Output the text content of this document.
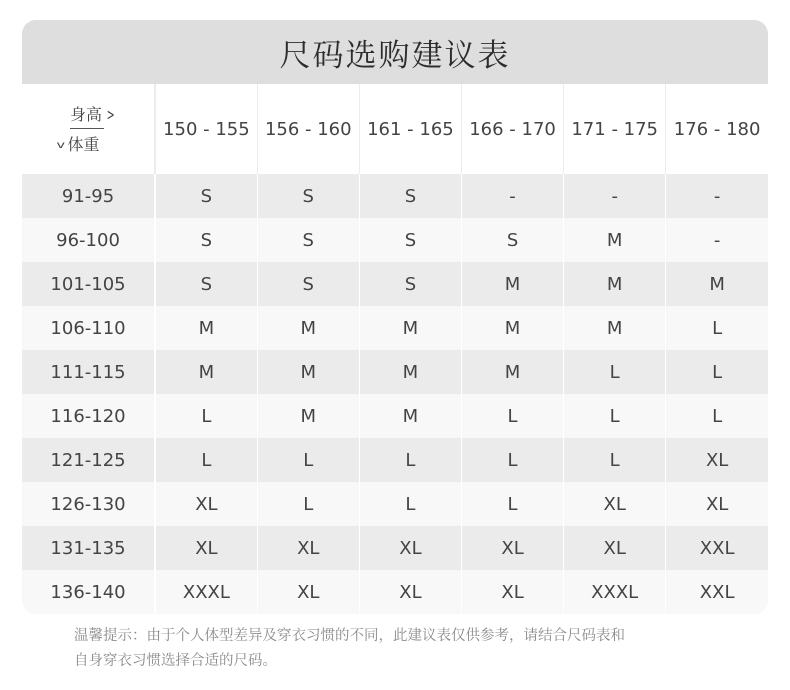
尺码选购建议表
身高 >
v 体重	150 - 155	156 - 160	161 - 165	166 - 170	171 - 175	176 - 180
91-95	S	S	S	-	-	-
96-100	S	S	S	S	M	-
101-105	S	S	S	M	M	M
106-110	M	M	M	M	M	L
111-115	M	M	M	M	L	L
116-120	L	M	M	L	L	L
121-125	L	L	L	L	L	XL
126-130	XL	L	L	L	XL	XL
131-135	XL	XL	XL	XL	XL	XXL
136-140	XXXL	XL	XL	XL	XXXL	XXL
温馨提示：由于个人体型差异及穿衣习惯的不同，此建议表仅供参考，请结合尺码表和
自身穿衣习惯选择合适的尺码。
